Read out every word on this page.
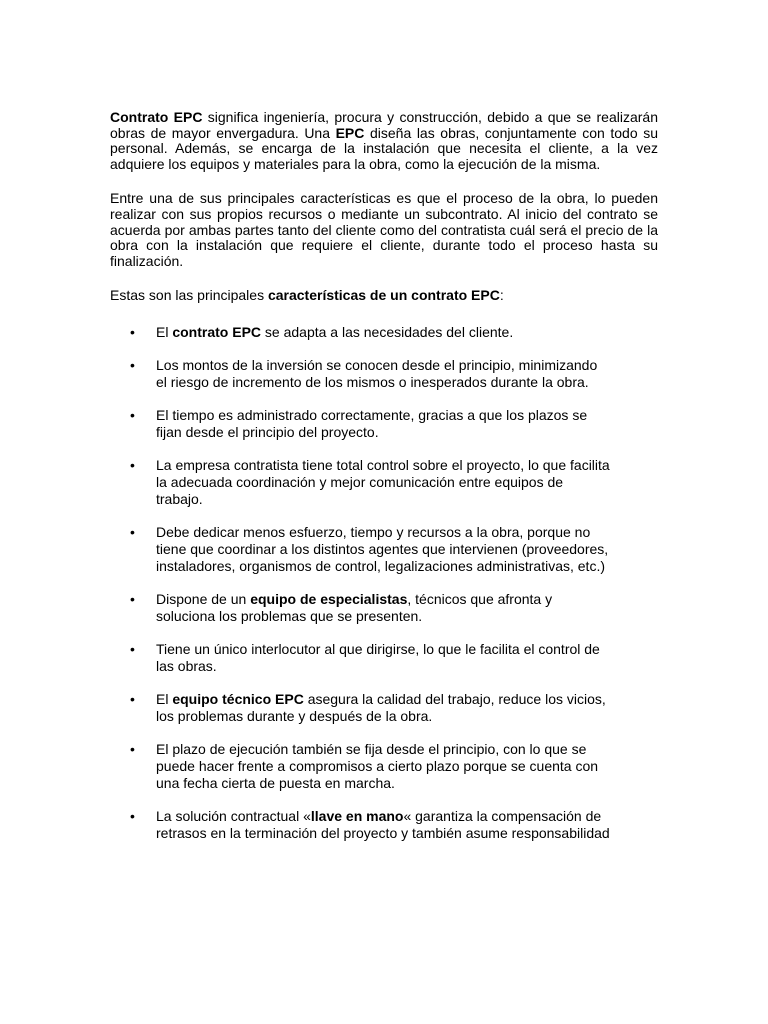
Contrato EPC significa ingeniería, procura y construcción, debido a que se realizarán obras de mayor envergadura. Una EPC diseña las obras, conjuntamente con todo su personal. Además, se encarga de la instalación que necesita el cliente, a la vez adquiere los equipos y materiales para la obra, como la ejecución de la misma.

Entre una de sus principales características es que el proceso de la obra, lo pueden realizar con sus propios recursos o mediante un subcontrato. Al inicio del contrato se acuerda por ambas partes tanto del cliente como del contratista cuál será el precio de la obra con la instalación que requiere el cliente, durante todo el proceso hasta su finalización.

Estas son las principales características de un contrato EPC:

•	El contrato EPC se adapta a las necesidades del cliente.
•	Los montos de la inversión se conocen desde el principio, minimizando
el riesgo de incremento de los mismos o inesperados durante la obra.
•	El tiempo es administrado correctamente, gracias a que los plazos se
fijan desde el principio del proyecto.
•	La empresa contratista tiene total control sobre el proyecto, lo que facilita
la adecuada coordinación y mejor comunicación entre equipos de
trabajo.
•	Debe dedicar menos esfuerzo, tiempo y recursos a la obra, porque no
tiene que coordinar a los distintos agentes que intervienen (proveedores,
instaladores, organismos de control, legalizaciones administrativas, etc.)
•	Dispone de un equipo de especialistas, técnicos que afronta y
soluciona los problemas que se presenten.
•	Tiene un único interlocutor al que dirigirse, lo que le facilita el control de
las obras.
•	El equipo técnico EPC asegura la calidad del trabajo, reduce los vicios,
los problemas durante y después de la obra.
•	El plazo de ejecución también se fija desde el principio, con lo que se
puede hacer frente a compromisos a cierto plazo porque se cuenta con
una fecha cierta de puesta en marcha.
•	La solución contractual «llave en mano« garantiza la compensación de
retrasos en la terminación del proyecto y también asume responsabilidad
